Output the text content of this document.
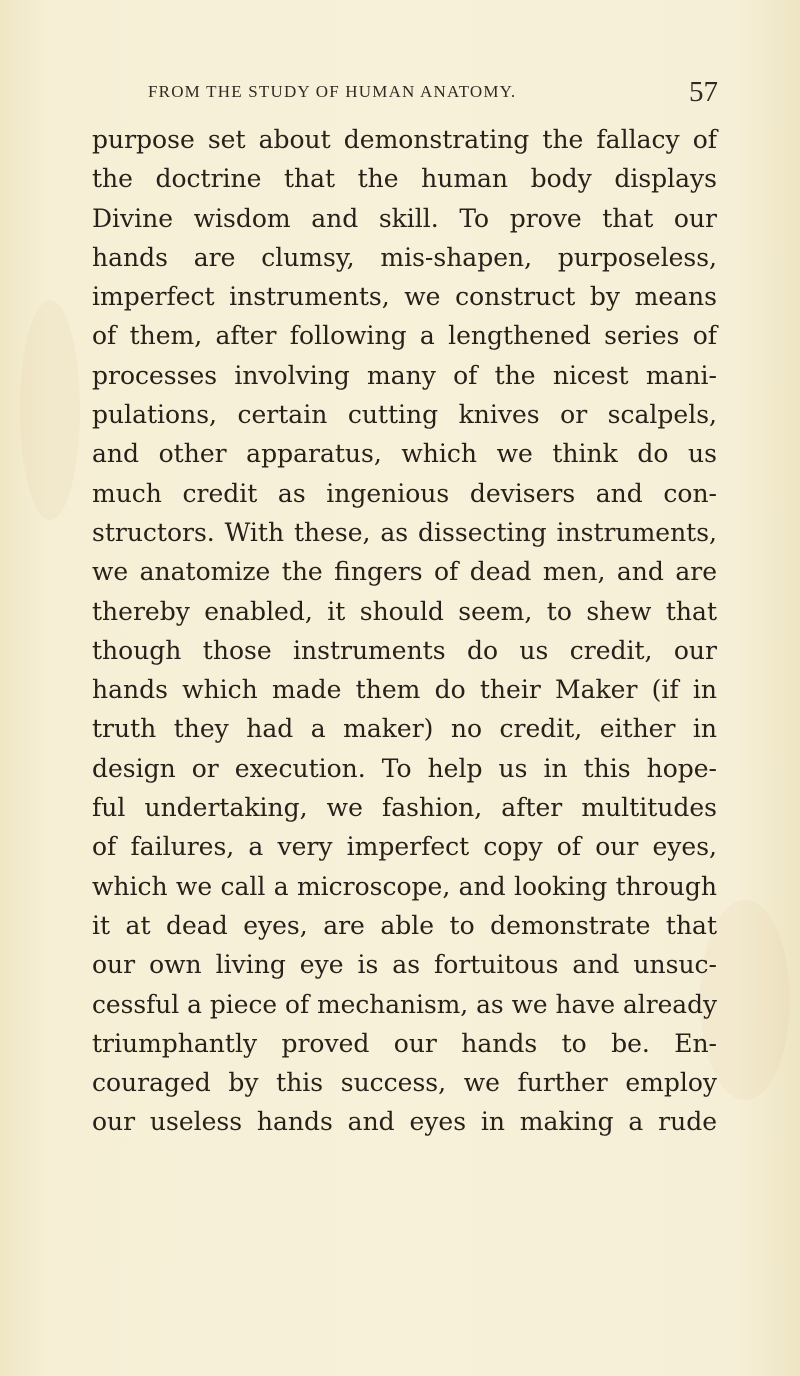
FROM THE STUDY OF HUMAN ANATOMY.	57
purpose set about demonstrating the fallacy of
the doctrine that the human body displays
Divine wisdom and skill. To prove that our
hands are clumsy, mis-shapen, purposeless,
imperfect instruments, we construct by means
of them, after following a lengthened series of
processes involving many of the nicest mani-
pulations, certain cutting knives or scalpels,
and other apparatus, which we think do us
much credit as ingenious devisers and con-
structors. With these, as dissecting instruments,
we anatomize the fingers of dead men, and are
thereby enabled, it should seem, to shew that
though those instruments do us credit, our
hands which made them do their Maker (if in
truth they had a maker) no credit, either in
design or execution. To help us in this hope-
ful undertaking, we fashion, after multitudes
of failures, a very imperfect copy of our eyes,
which we call a microscope, and looking through
it at dead eyes, are able to demonstrate that
our own living eye is as fortuitous and unsuc-
cessful a piece of mechanism, as we have already
triumphantly proved our hands to be. En-
couraged by this success, we further employ
our useless hands and eyes in making a rude
